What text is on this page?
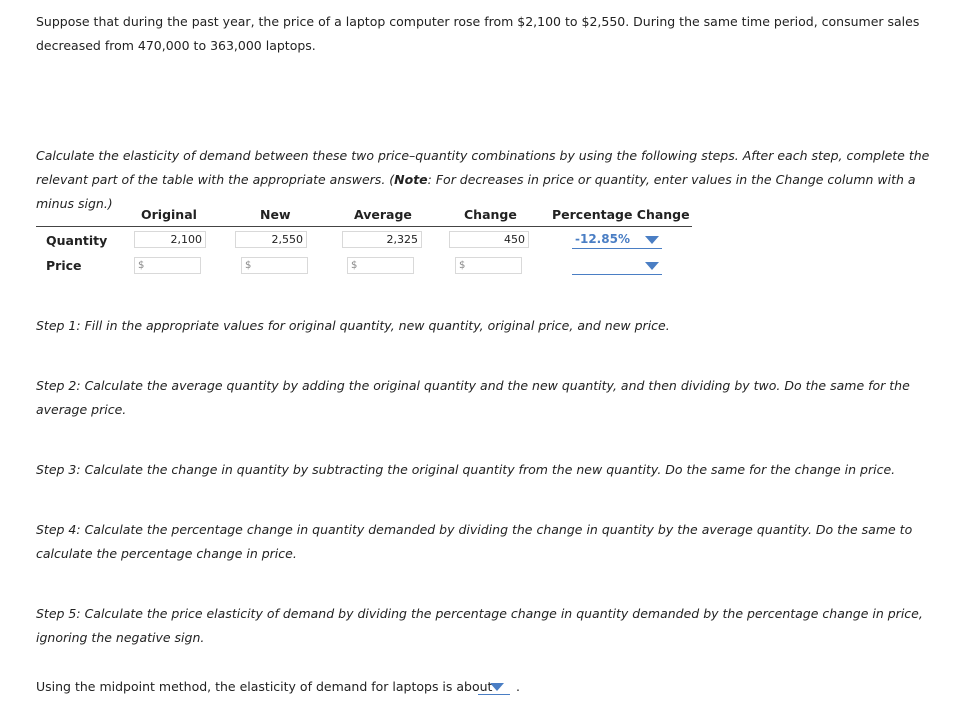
Suppose that during the past year, the price of a laptop computer rose from $2,100 to $2,550. During the same time period, consumer sales decreased from 470,000 to 363,000 laptops.
Calculate the elasticity of demand between these two price–quantity combinations by using the following steps. After each step, complete the relevant part of the table with the appropriate answers. (Note: For decreases in price or quantity, enter values in the Change column with a minus sign.)
Original	New	Average	Change	Percentage Change
Quantity	2,100	2,550	2,325	450	-12.85%
Price	$	$	$	$
Step 1: Fill in the appropriate values for original quantity, new quantity, original price, and new price.
Step 2: Calculate the average quantity by adding the original quantity and the new quantity, and then dividing by two. Do the same for the average price.
Step 3: Calculate the change in quantity by subtracting the original quantity from the new quantity. Do the same for the change in price.
Step 4: Calculate the percentage change in quantity demanded by dividing the change in quantity by the average quantity. Do the same to calculate the percentage change in price.
Step 5: Calculate the price elasticity of demand by dividing the percentage change in quantity demanded by the percentage change in price, ignoring the negative sign.
Using the midpoint method, the elasticity of demand for laptops is about .
